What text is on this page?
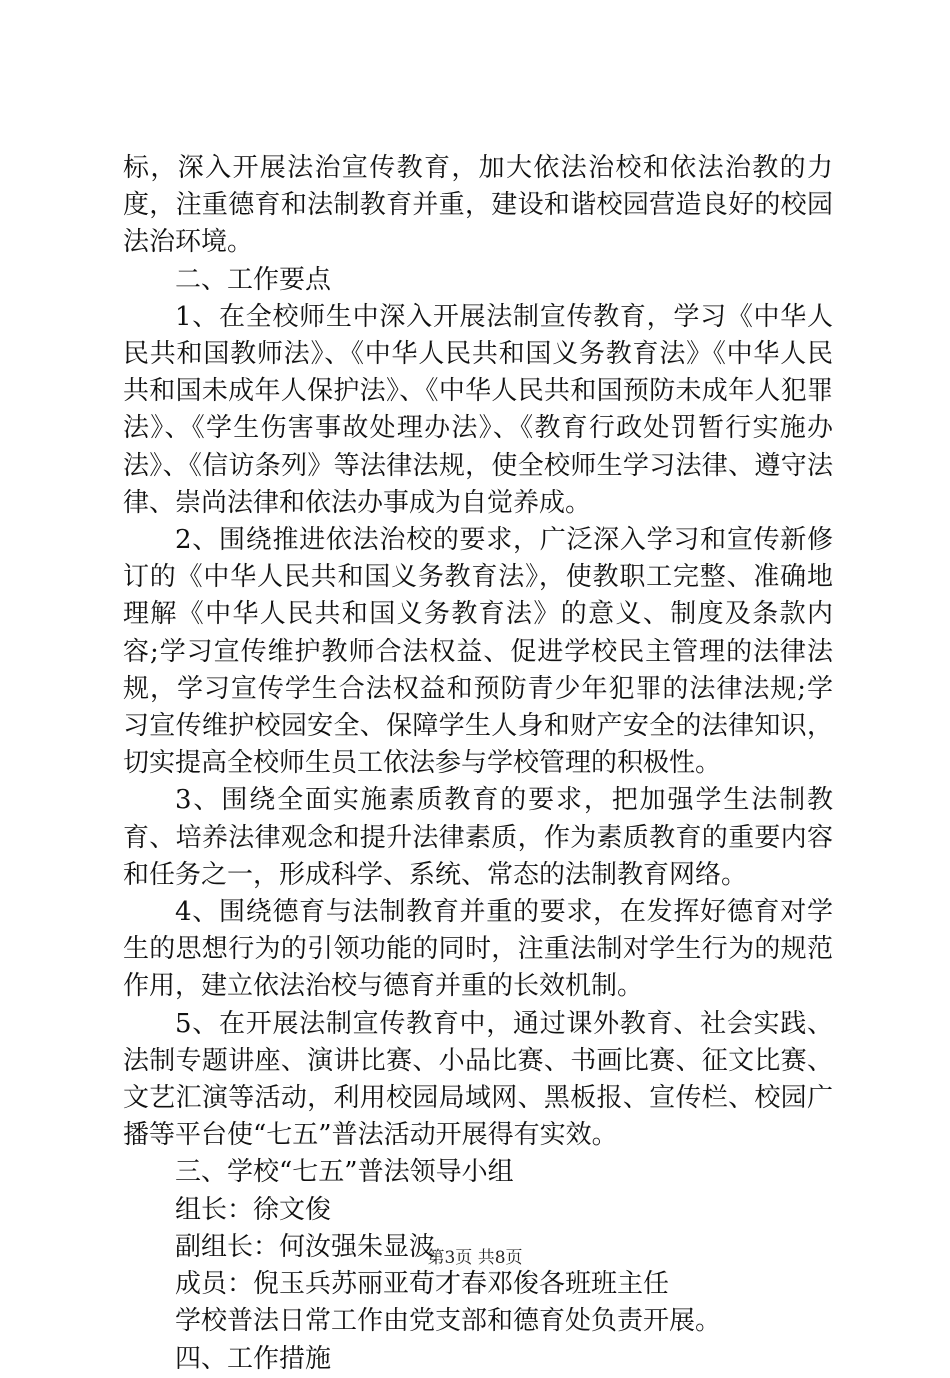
标，深入开展法治宣传教育，加大依法治校和依法治教的力度，注重德育和法制教育并重，建设和谐校园营造良好的校园法治环境。

二、工作要点

1、在全校师生中深入开展法制宣传教育，学习《中华人民共和国教师法》、《中华人民共和国义务教育法》《中华人民共和国未成年人保护法》、《中华人民共和国预防未成年人犯罪法》、《学生伤害事故处理办法》、《教育行政处罚暂行实施办法》、《信访条列》等法律法规，使全校师生学习法律、遵守法律、崇尚法律和依法办事成为自觉养成。

2、围绕推进依法治校的要求，广泛深入学习和宣传新修订的《中华人民共和国义务教育法》，使教职工完整、准确地理解《中华人民共和国义务教育法》的意义、制度及条款内容;学习宣传维护教师合法权益、促进学校民主管理的法律法规，学习宣传学生合法权益和预防青少年犯罪的法律法规;学习宣传维护校园安全、保障学生人身和财产安全的法律知识，切实提高全校师生员工依法参与学校管理的积极性。

3、围绕全面实施素质教育的要求，把加强学生法制教育、培养法律观念和提升法律素质，作为素质教育的重要内容和任务之一，形成科学、系统、常态的法制教育网络。

4、围绕德育与法制教育并重的要求，在发挥好德育对学生的思想行为的引领功能的同时，注重法制对学生行为的规范作用，建立依法治校与德育并重的长效机制。

5、在开展法制宣传教育中，通过课外教育、社会实践、法制专题讲座、演讲比赛、小品比赛、书画比赛、征文比赛、文艺汇演等活动，利用校园局域网、黑板报、宣传栏、校园广播等平台使“七五”普法活动开展得有实效。

三、学校“七五”普法领导小组

组长：徐文俊

副组长：何汝强朱显波

成员：倪玉兵苏丽亚荀才春邓俊各班班主任

学校普法日常工作由党支部和德育处负责开展。

四、工作措施

第3页 共8页
